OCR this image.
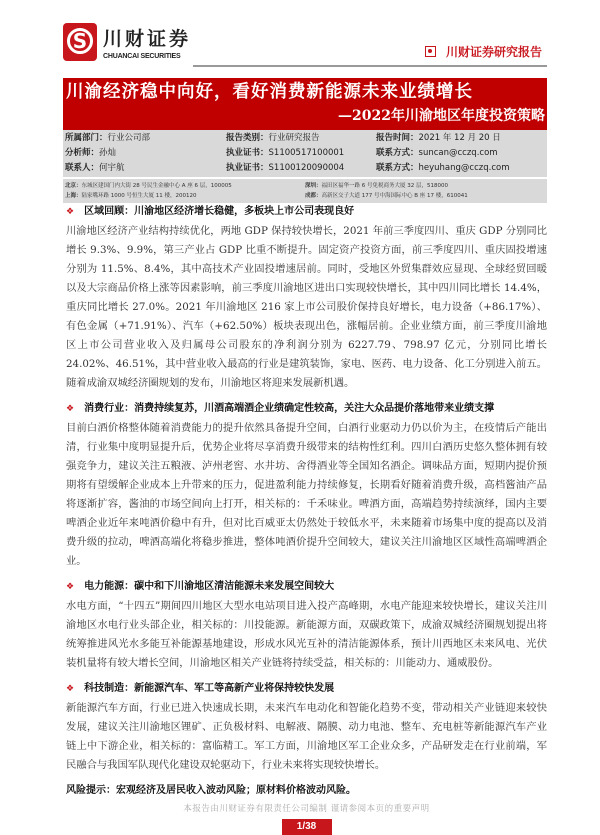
S 川财证券
CHUANCAI SECURITIES	川财证券研究报告
川渝经济稳中向好，看好消费新能源未来业绩增长
—2022年川渝地区年度投资策略
所属部门：行业公司部	报告类别：行业研究报告	报告时间：2021 年 12 月 20 日
分析师：孙灿	执业证书：S1100517100001	联系方式：suncan@cczq.com
联系人：何宇航	执业证书：S1100120090004	联系方式：heyuhang@cczq.com
北京：东城区建国门内大街 28 号民生金融中心 A 座 6 层，100005	深圳：福田区福华一路 6 号免税商务大厦 32 层，518000
上海：陆家嘴环路 1000 号恒生大厦 11 楼，200120	成都：高新区交子大道 177 号中海国际中心 B 座 17 楼，610041
❖ 区域回顾：川渝地区经济增长稳健，多板块上市公司表现良好
川渝地区经济产业结构持续优化，两地 GDP 保持较快增长，2021 年前三季度四川、重庆 GDP 分别同比增长 9.3%、9.9%，第三产业占 GDP 比重不断提升。固定资产投资方面，前三季度四川、重庆固投增速分别为 11.5%、8.4%，其中高技术产业固投增速居前。同时，受地区外贸集群效应显现、全球经贸回暖以及大宗商品价格上涨等因素影响，前三季度川渝地区进出口实现较快增长，其中四川同比增长 14.4%，重庆同比增长 27.0%。2021 年川渝地区 216 家上市公司股价保持良好增长，电力设备（+86.17%）、有色金属（+71.91%）、汽车（+62.50%）板块表现出色，涨幅居前。企业业绩方面，前三季度川渝地区上市公司营业收入及归属母公司股东的净利润分别为 6227.79、798.97 亿元，分别同比增长 24.02%、46.51%，其中营业收入最高的行业是建筑装饰，家电、医药、电力设备、化工分别进入前五。随着成渝双城经济圈规划的发布，川渝地区将迎来发展新机遇。
❖ 消费行业：消费持续复苏，川酒高端酒企业绩确定性较高，关注大众品提价落地带来业绩支撑
目前白酒价格整体随着消费能力的提升依然具备提升空间，白酒行业驱动力仍以价为主，在疫情后产能出清，行业集中度明显提升后，优势企业将尽享消费升级带来的结构性红利。四川白酒历史悠久整体拥有较强竞争力，建议关注五粮液、泸州老窖、水井坊、舍得酒业等全国知名酒企。调味品方面，短期内提价预期将有望缓解企业成本上升带来的压力，促进盈利能力持续修复，长期看好随着消费升级，高档酱油产品将逐渐扩容，酱油的市场空间向上打开，相关标的：千禾味业。啤酒方面，高端趋势持续演绎，国内主要啤酒企业近年来吨酒价稳中有升，但对比百威亚太仍然处于较低水平，未来随着市场集中度的提高以及消费升级的拉动，啤酒高端化将稳步推进，整体吨酒价提升空间较大，建议关注川渝地区区域性高端啤酒企业。
❖ 电力能源：碳中和下川渝地区清洁能源未来发展空间较大
水电方面，“十四五”期间四川地区大型水电站项目进入投产高峰期，水电产能迎来较快增长，建议关注川渝地区水电行业头部企业，相关标的：川投能源。新能源方面，双碳政策下，成渝双城经济圈规划提出将统筹推进风光水多能互补能源基地建设，形成水风光互补的清洁能源体系，预计川西地区未来风电、光伏装机量将有较大增长空间，川渝地区相关产业链将持续受益，相关标的：川能动力、通威股份。
❖ 科技制造：新能源汽车、军工等高新产业将保持较快发展
新能源汽车方面，行业已进入快速成长期，未来汽车电动化和智能化趋势不变，带动相关产业链迎来较快发展，建议关注川渝地区锂矿、正负极材料、电解液、隔膜、动力电池、整车、充电桩等新能源汽车产业链上中下游企业，相关标的：富临精工。军工方面，川渝地区军工企业众多，产品研发走在行业前端，军民融合与我国军队现代化建设双轮驱动下，行业未来将实现较快增长。
风险提示：宏观经济及居民收入波动风险；原材料价格波动风险。
本报告由川财证券有限责任公司编制 谨请参阅本页的重要声明
1/38
